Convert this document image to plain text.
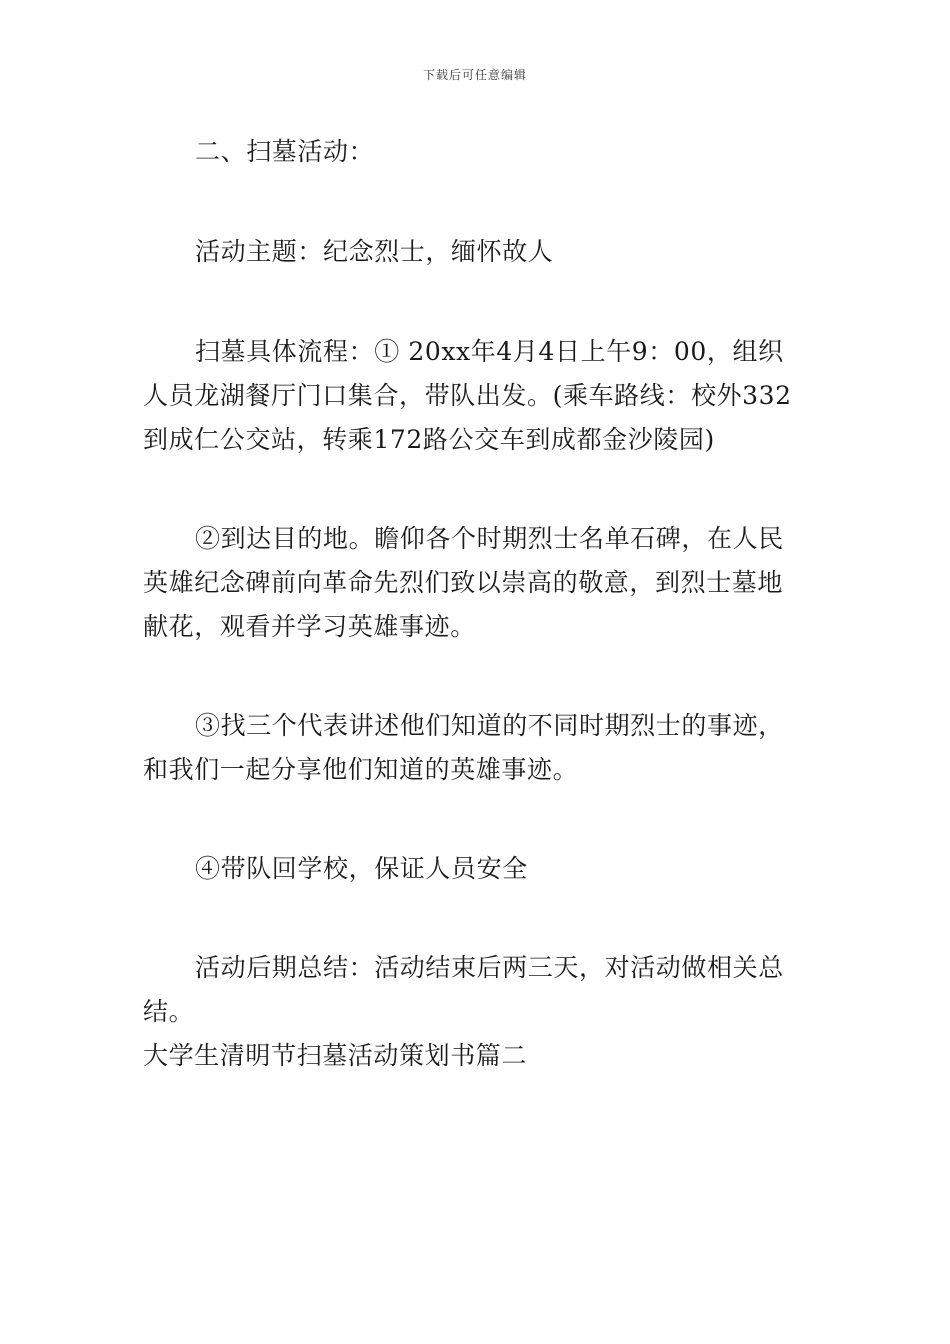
下载后可任意编辑

二、扫墓活动：

活动主题：纪念烈士，缅怀故人

扫墓具体流程：① 20xx年4月4日上午9：00，组织人员龙湖餐厅门口集合，带队出发。(乘车路线：校外332到成仁公交站，转乘172路公交车到成都金沙陵园)

②到达目的地。瞻仰各个时期烈士名单石碑，在人民英雄纪念碑前向革命先烈们致以崇高的敬意，到烈士墓地献花，观看并学习英雄事迹。

③找三个代表讲述他们知道的不同时期烈士的事迹，和我们一起分享他们知道的英雄事迹。

④带队回学校，保证人员安全

活动后期总结：活动结束后两三天，对活动做相关总结。

大学生清明节扫墓活动策划书篇二
